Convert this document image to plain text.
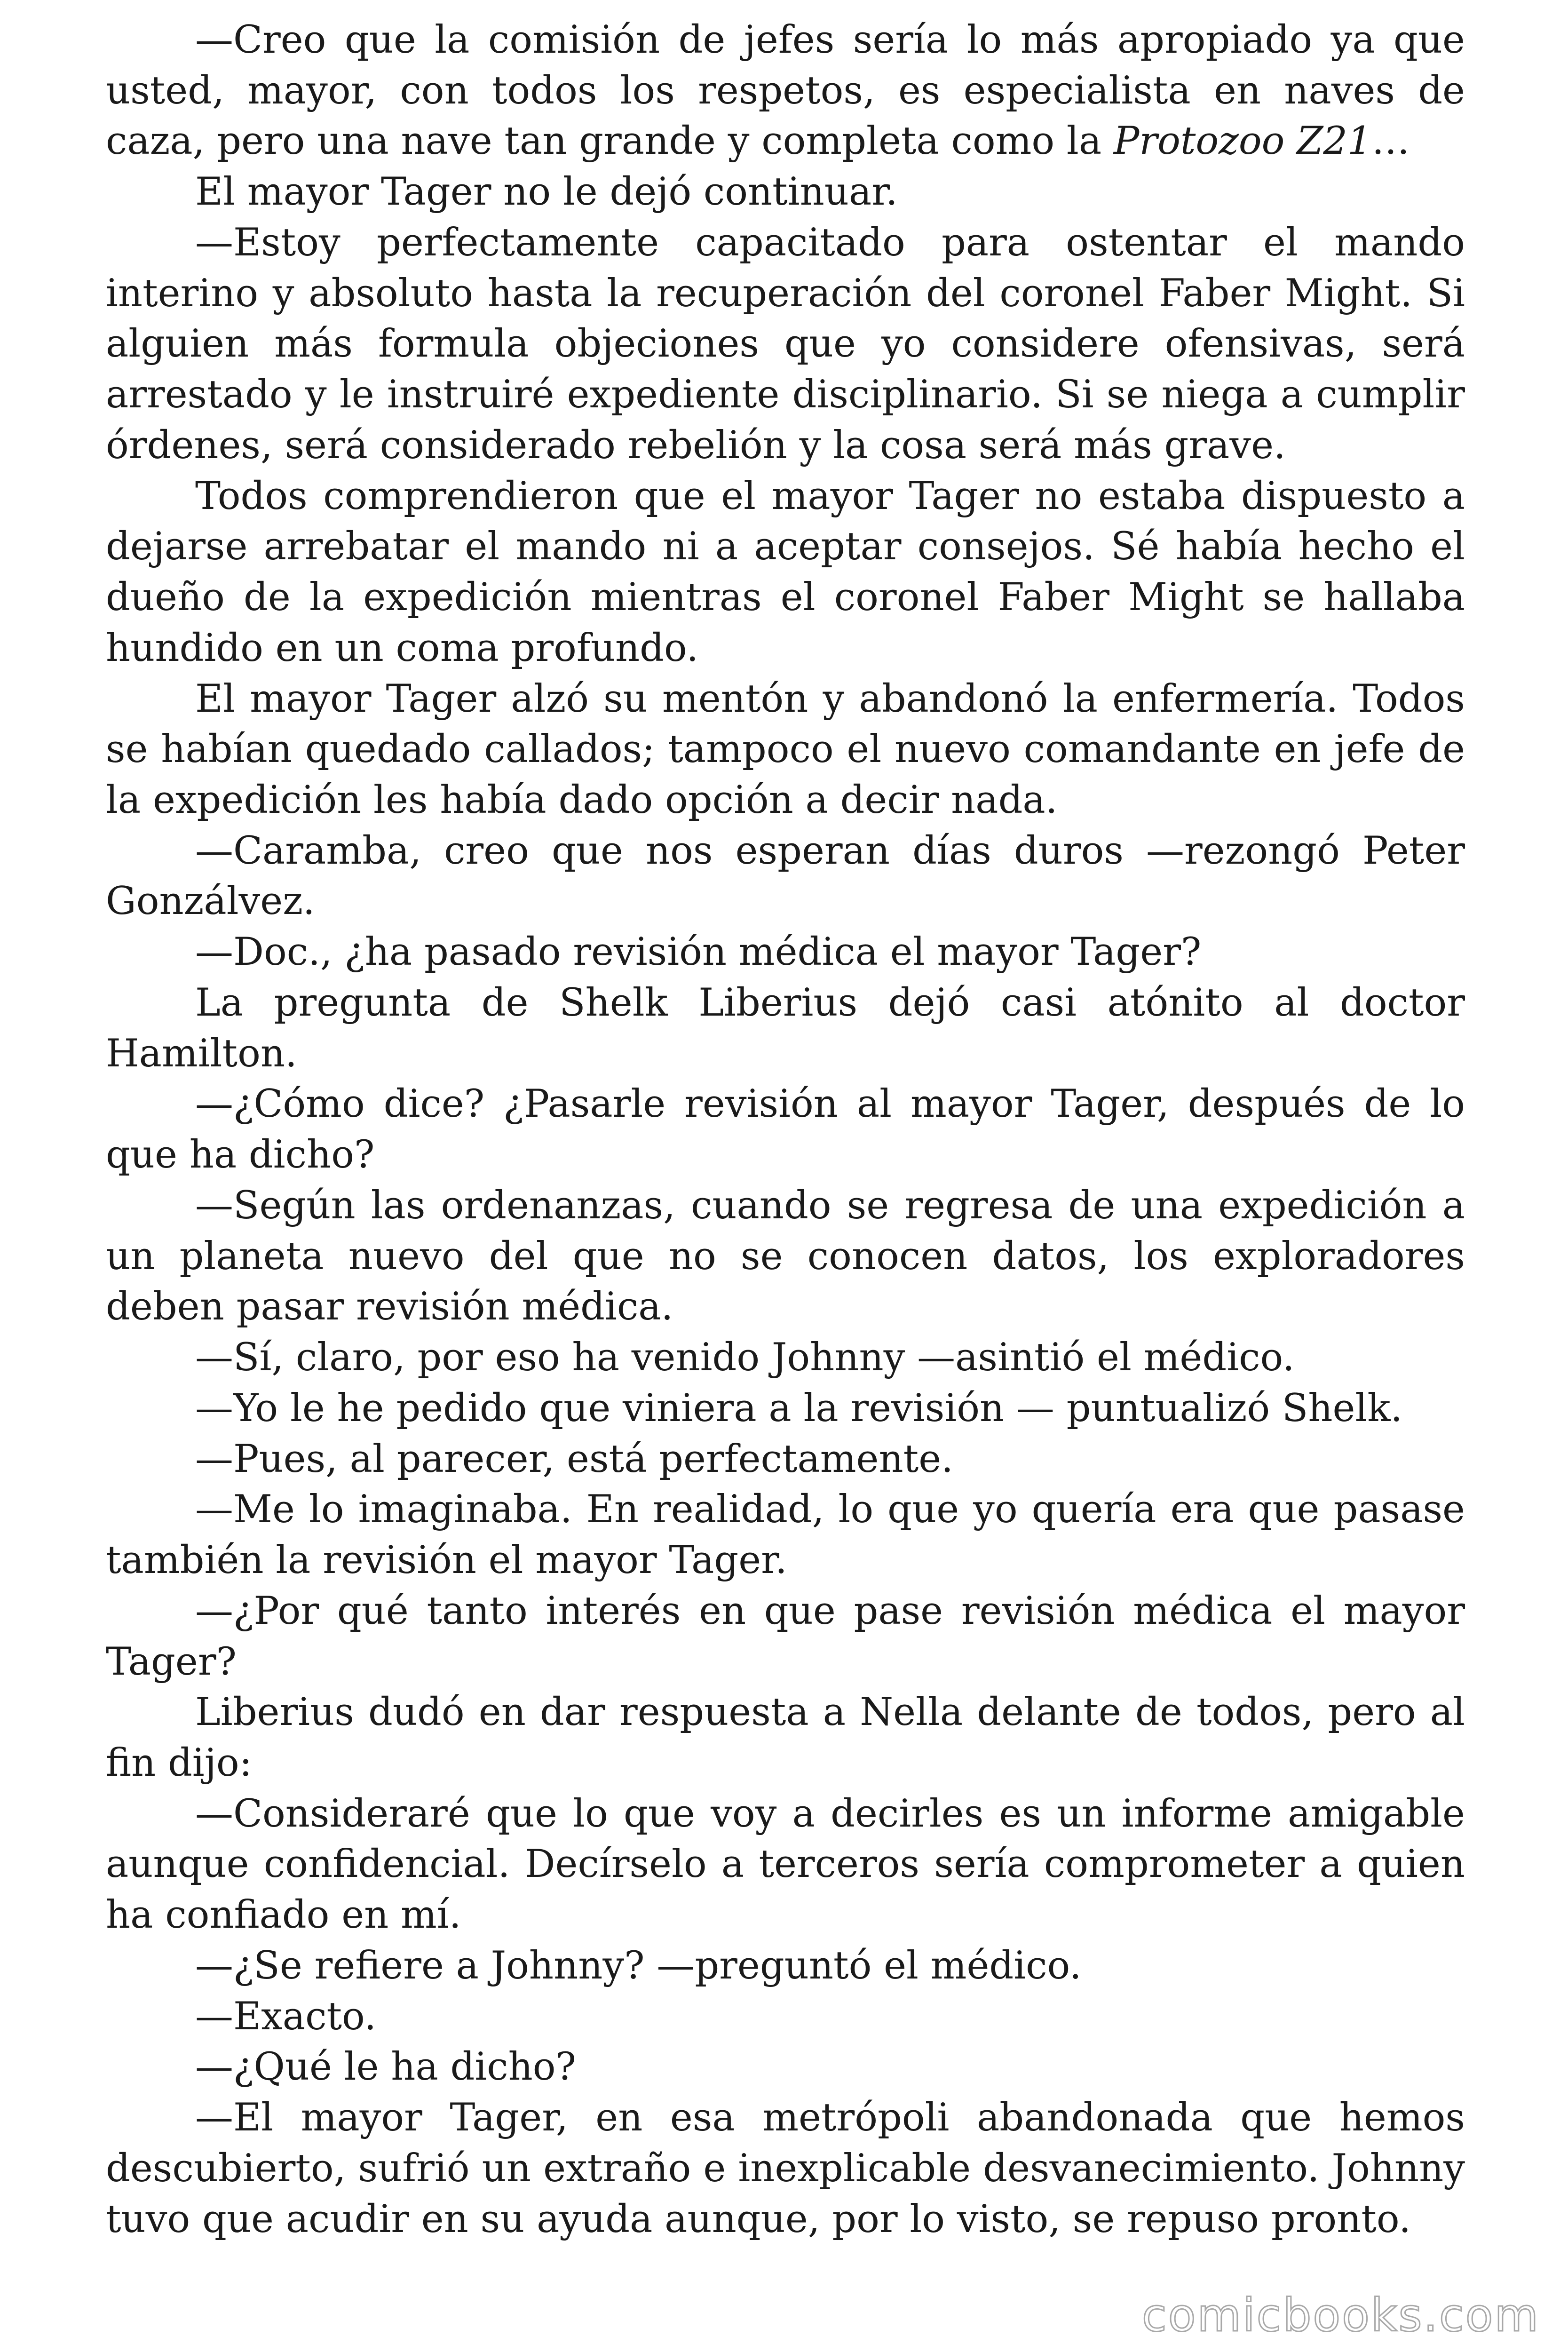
—Creo que la comisión de jefes sería lo más apropiado ya que usted, mayor, con todos los respetos, es especialista en naves de caza, pero una nave tan grande y completa como la Protozoo Z21…

El mayor Tager no le dejó continuar.

—Estoy perfectamente capacitado para ostentar el mando interino y absoluto hasta la recuperación del coronel Faber Might. Si alguien más formula objeciones que yo considere ofensivas, será arrestado y le instruiré expediente disciplinario. Si se niega a cumplir órdenes, será considerado rebelión y la cosa será más grave.

Todos comprendieron que el mayor Tager no estaba dispuesto a dejarse arrebatar el mando ni a aceptar consejos. Sé había hecho el dueño de la expedición mientras el coronel Faber Might se hallaba hundido en un coma profundo.

El mayor Tager alzó su mentón y abandonó la enfermería. Todos se habían quedado callados; tampoco el nuevo comandante en jefe de la expedición les había dado opción a decir nada.

—Caramba, creo que nos esperan días duros —rezongó Peter Gonzálvez.

—Doc., ¿ha pasado revisión médica el mayor Tager?

La pregunta de Shelk Liberius dejó casi atónito al doctor Hamilton.

—¿Cómo dice? ¿Pasarle revisión al mayor Tager, después de lo que ha dicho?

—Según las ordenanzas, cuando se regresa de una expedición a un planeta nuevo del que no se conocen datos, los exploradores deben pasar revisión médica.

—Sí, claro, por eso ha venido Johnny —asintió el médico.

—Yo le he pedido que viniera a la revisión — puntualizó Shelk.

—Pues, al parecer, está perfectamente.

—Me lo imaginaba. En realidad, lo que yo quería era que pasase también la revisión el mayor Tager.

—¿Por qué tanto interés en que pase revisión médica el mayor Tager?

Liberius dudó en dar respuesta a Nella delante de todos, pero al fin dijo:

—Consideraré que lo que voy a decirles es un informe amigable aunque confidencial. Decírselo a terceros sería comprometer a quien ha confiado en mí.

—¿Se refiere a Johnny? —preguntó el médico.

—Exacto.

—¿Qué le ha dicho?

—El mayor Tager, en esa metrópoli abandonada que hemos descubierto, sufrió un extraño e inexplicable desvanecimiento. Johnny tuvo que acudir en su ayuda aunque, por lo visto, se repuso pronto.

comicbooks.com
